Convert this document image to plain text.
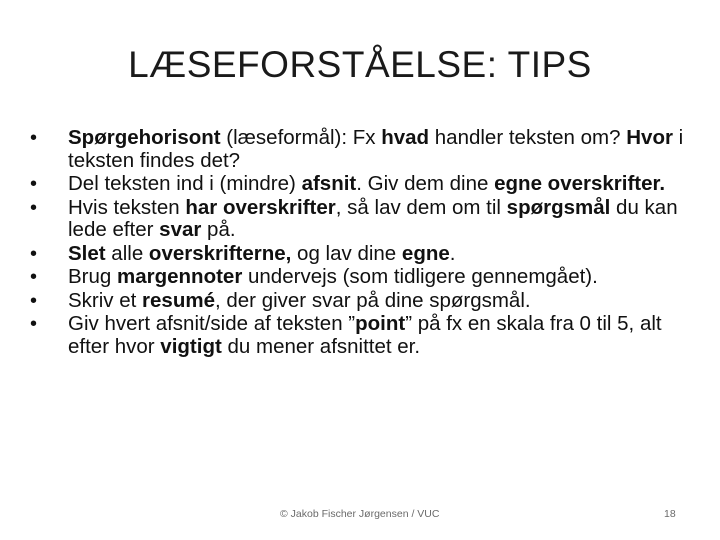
LÆSEFORSTÅELSE: TIPS
•	Spørgehorisont (læseformål): Fx hvad handler teksten om? Hvor i teksten findes det?
•	Del teksten ind i (mindre) afsnit. Giv dem dine egne overskrifter.
•	Hvis teksten har overskrifter, så lav dem om til spørgsmål du kan lede efter svar på.
•	Slet alle overskrifterne, og lav dine egne.
•	Brug margennoter undervejs (som tidligere gennemgået).
•	Skriv et resumé, der giver svar på dine spørgsmål.
•	Giv hvert afsnit/side af teksten ”point” på fx en skala fra 0 til 5, alt efter hvor vigtigt du mener afsnittet er.
© Jakob Fischer Jørgensen / VUC	18
